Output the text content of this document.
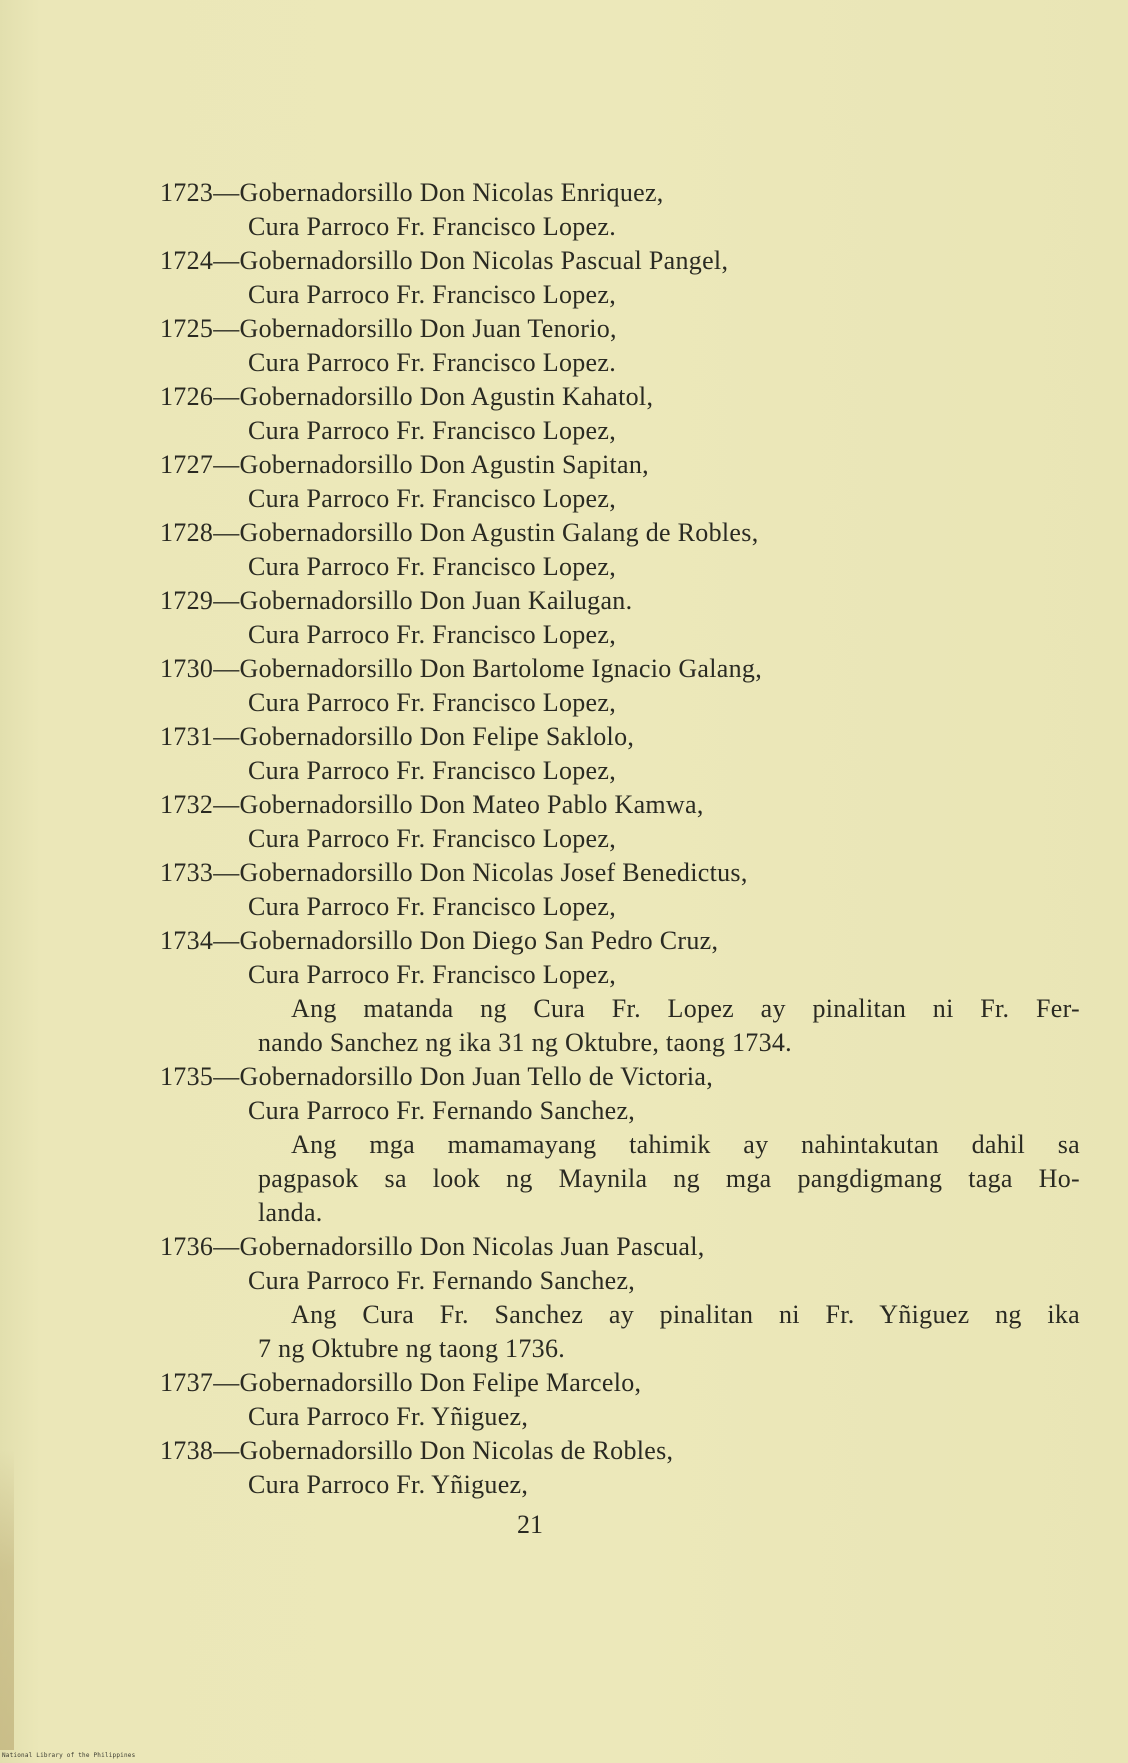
1723—Gobernadorsillo Don Nicolas Enriquez,
Cura Parroco Fr. Francisco Lopez.
1724—Gobernadorsillo Don Nicolas Pascual Pangel,
Cura Parroco Fr. Francisco Lopez,
1725—Gobernadorsillo Don Juan Tenorio,
Cura Parroco Fr. Francisco Lopez.
1726—Gobernadorsillo Don Agustin Kahatol,
Cura Parroco Fr. Francisco Lopez,
1727—Gobernadorsillo Don Agustin Sapitan,
Cura Parroco Fr. Francisco Lopez,
1728—Gobernadorsillo Don Agustin Galang de Robles,
Cura Parroco Fr. Francisco Lopez,
1729—Gobernadorsillo Don Juan Kailugan.
Cura Parroco Fr. Francisco Lopez,
1730—Gobernadorsillo Don Bartolome Ignacio Galang,
Cura Parroco Fr. Francisco Lopez,
1731—Gobernadorsillo Don Felipe Saklolo,
Cura Parroco Fr. Francisco Lopez,
1732—Gobernadorsillo Don Mateo Pablo Kamwa,
Cura Parroco Fr. Francisco Lopez,
1733—Gobernadorsillo Don Nicolas Josef Benedictus,
Cura Parroco Fr. Francisco Lopez,
1734—Gobernadorsillo Don Diego San Pedro Cruz,
Cura Parroco Fr. Francisco Lopez,
Ang matanda ng Cura Fr. Lopez ay pinalitan ni Fr. Fer-
nando Sanchez ng ika 31 ng Oktubre, taong 1734.
1735—Gobernadorsillo Don Juan Tello de Victoria,
Cura Parroco Fr. Fernando Sanchez,
Ang mga mamamayang tahimik ay nahintakutan dahil sa
pagpasok sa look ng Maynila ng mga pangdigmang taga Ho-
landa.
1736—Gobernadorsillo Don Nicolas Juan Pascual,
Cura Parroco Fr. Fernando Sanchez,
Ang Cura Fr. Sanchez ay pinalitan ni Fr. Yñiguez ng ika
7 ng Oktubre ng taong 1736.
1737—Gobernadorsillo Don Felipe Marcelo,
Cura Parroco Fr. Yñiguez,
1738—Gobernadorsillo Don Nicolas de Robles,
Cura Parroco Fr. Yñiguez,
21
National Library of the Philippines
